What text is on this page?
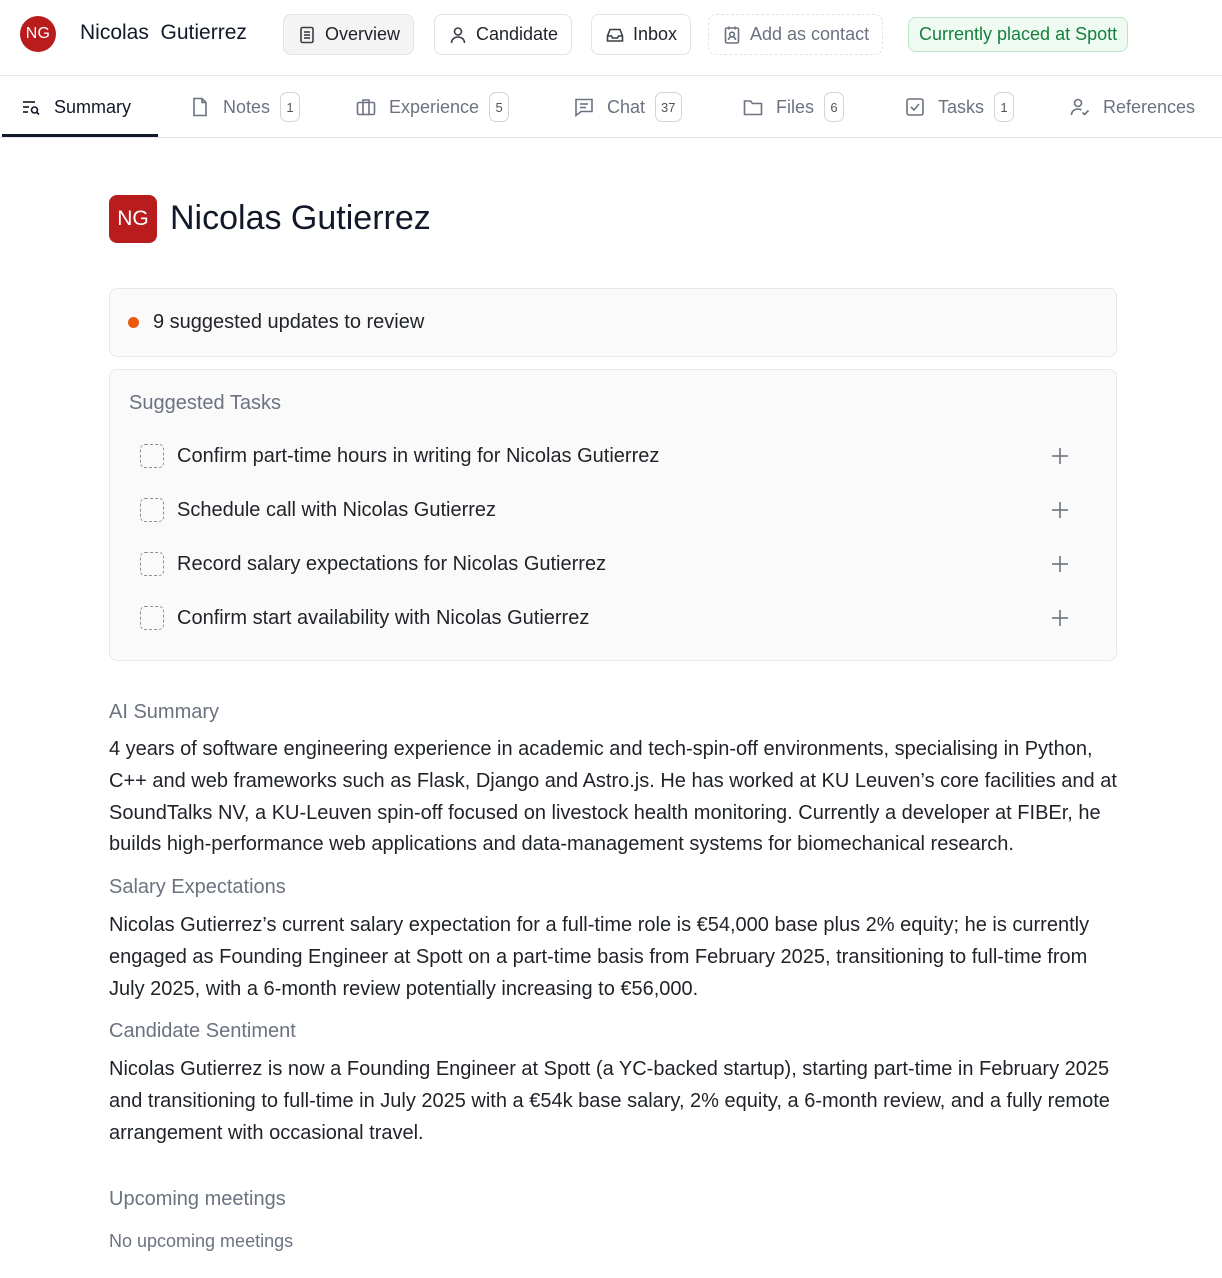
NG Nicolas  Gutierrez	Overview	Candidate	Inbox	Add as contact	Currently placed at Spott
Summary	Notes	1	Experience	5	Chat	37	Files	6	Tasks	1	References
NG Nicolas Gutierrez
9 suggested updates to review
Suggested Tasks
Confirm part-time hours in writing for Nicolas Gutierrez
Schedule call with Nicolas Gutierrez
Record salary expectations for Nicolas Gutierrez
Confirm start availability with Nicolas Gutierrez
AI Summary
4 years of software engineering experience in academic and tech-spin-off environments, specialising in Python, C++ and web frameworks such as Flask, Django and Astro.js. He has worked at KU Leuven’s core facilities and at SoundTalks NV, a KU-Leuven spin-off focused on livestock health monitoring. Currently a developer at FIBEr, he builds high-performance web applications and data-management systems for biomechanical research.
Salary Expectations
Nicolas Gutierrez’s current salary expectation for a full-time role is €54,000 base plus 2% equity; he is currently engaged as Founding Engineer at Spott on a part-time basis from February 2025, transitioning to full-time from July 2025, with a 6-month review potentially increasing to €56,000.
Candidate Sentiment
Nicolas Gutierrez is now a Founding Engineer at Spott (a YC-backed startup), starting part-time in February 2025 and transitioning to full-time in July 2025 with a €54k base salary, 2% equity, a 6-month review, and a fully remote arrangement with occasional travel.
Upcoming meetings
No upcoming meetings
